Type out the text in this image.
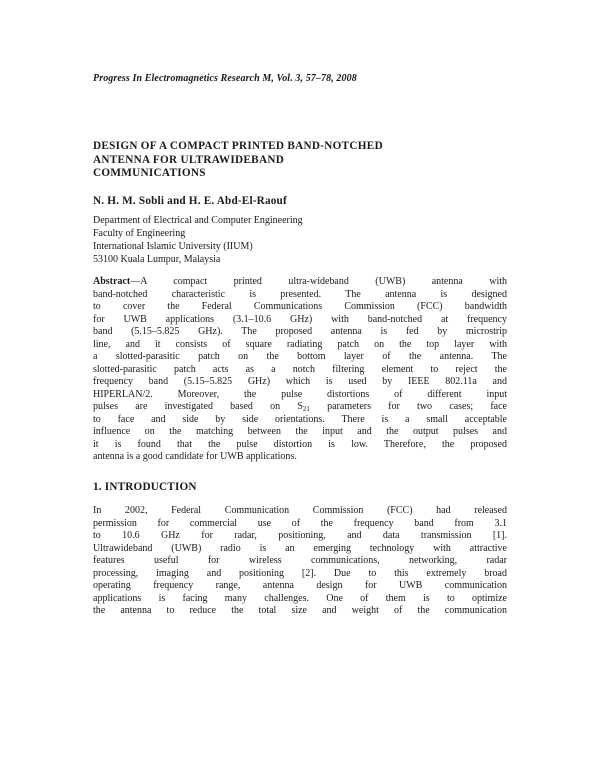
Progress In Electromagnetics Research M, Vol. 3, 57–78, 2008
DESIGN OF A COMPACT PRINTED BAND-NOTCHED
ANTENNA FOR ULTRAWIDEBAND
COMMUNICATIONS
N. H. M. Sobli and H. E. Abd-El-Raouf
Department of Electrical and Computer Engineering
Faculty of Engineering
International Islamic University (IIUM)
53100 Kuala Lumpur, Malaysia
Abstract—A compact printed ultra-wideband (UWB) antenna with
band-notched characteristic is presented. The antenna is designed
to cover the Federal Communications Commission (FCC) bandwidth
for UWB applications (3.1–10.6 GHz) with band-notched at frequency
band (5.15–5.825 GHz). The proposed antenna is fed by microstrip
line, and it consists of square radiating patch on the top layer with
a slotted-parasitic patch on the bottom layer of the antenna. The
slotted-parasitic patch acts as a notch filtering element to reject the
frequency band (5.15–5.825 GHz) which is used by IEEE 802.11a and
HIPERLAN/2. Moreover, the pulse distortions of different input
pulses are investigated based on $S_{21}$ parameters for two cases; face
to face and side by side orientations. There is a small acceptable
influence on the matching between the input and the output pulses and
it is found that the pulse distortion is low. Therefore, the proposed
antenna is a good candidate for UWB applications.
1. INTRODUCTION
In 2002, Federal Communication Commission (FCC) had released
permission for commercial use of the frequency band from 3.1
to 10.6 GHz for radar, positioning, and data transmission [1].
Ultrawideband (UWB) radio is an emerging technology with attractive
features useful for wireless communications, networking, radar
processing, imaging and positioning [2]. Due to this extremely broad
operating frequency range, antenna design for UWB communication
applications is facing many challenges. One of them is to optimize
the antenna to reduce the total size and weight of the communication
